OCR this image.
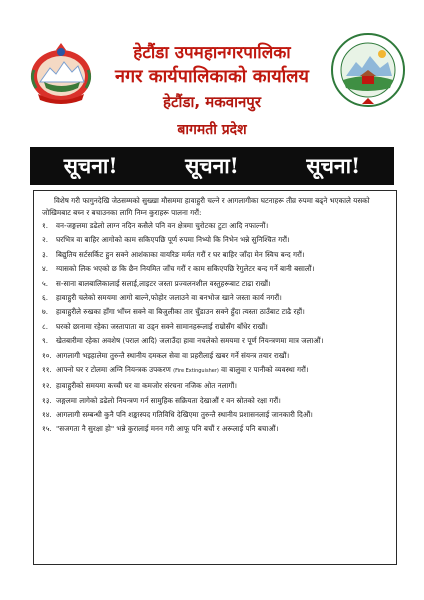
हेटौंडा उपमहानगरपालिका
नगर कार्यपालिकाको कार्यालय
हेटौंडा, मकवानपुर
बागमती प्रदेश
सूचना!	सूचना!	सूचना!

विशेष गरी फागुनदेखि जेठसम्मको सुख्खा मौसममा हावाहुरी चल्ने र आगलागीका घटनाहरू तीव्र रुपमा बढ्ने भएकाले यसको जोखिमबाट बच्न र बचाउनका लागि निम्न कुराहरू पालना गरौं:

१. वन-जङ्गलमा डढेलो लाग्न नदिन कसैले पनि वन क्षेत्रमा चुरोटका टुटा आदि नफाल्नौं।
२. घरभित्र वा बाहिर आगोको काम सकिएपछि पूर्ण रुपमा निभ्यो कि निभेन भन्ने सुनिश्चित गरौं।
३. बिद्युतिय सर्टसर्किट हुन सक्ने आशंकाका वायरिङ मर्मत गरौं र घर बाहिर जाँदा मेन स्विच बन्द गरौं।
४. ग्यासको लिक भएको छ कि छैन नियमित जाँच गरौं र काम सकिएपछि रेगुलेटर बन्द गर्ने बानी बसालौं।
५. स-साना बालबालिकालाई सलाई,लाइटर जस्ता प्रज्वलनशील वस्तुहरूबाट टाढा राखौं।
६. हावाहुरी चलेको समयमा आगो बाल्ने,फोहोर जलाउने वा बनभोज खाने जस्ता कार्य नगरौं।
७. हावाहुरीले रुखका हाँगा भाँच्न सक्ने वा बिजुलीका तार चुँडाउन सक्ने हुँदा त्यस्ता ठाउँबाट टाढै रहौं।
८. घरको छानामा रहेका जस्तापाता वा उड्न सक्ने सामानहरूलाई राम्रोसँग बाँधेर राखौं।
९. खेतबारीमा रहेका अवशेष (पराल आदि) जलाउँदा हावा नचलेको समयमा र पूर्ण नियन्त्रणमा मात्र जलाऔं।
१०. आगलागी भइहालेमा तुरुन्तै स्थानीय दमकल सेवा वा प्रहरीलाई खबर गर्ने संयन्त्र तयार राखौं।
११. आफ्नो घर र टोलमा अग्नि नियन्त्रक उपकरण (Fire Extinguisher) वा बालुवा र पानीको व्यवस्था गरौं।
१२. हावाहुरीको समयमा कच्ची घर वा कमजोर संरचना नजिक ओत नलागौं।
१३. जङ्गलमा लागेको डढेलो नियन्त्रण गर्न सामुहिक सक्रियता देखाऔं र वन स्रोतको रक्षा गरौं।
१४. आगलागी सम्बन्धी कुनै पनि शङ्कास्पद गतिविधि देखिएमा तुरुन्तै स्थानीय प्रशासनलाई जानकारी दिऔं।
१५. "सजगता नै सुरक्षा हो" भन्ने कुरालाई मनन गरी आफू पनि बचौं र अरूलाई पनि बचाऔं।
